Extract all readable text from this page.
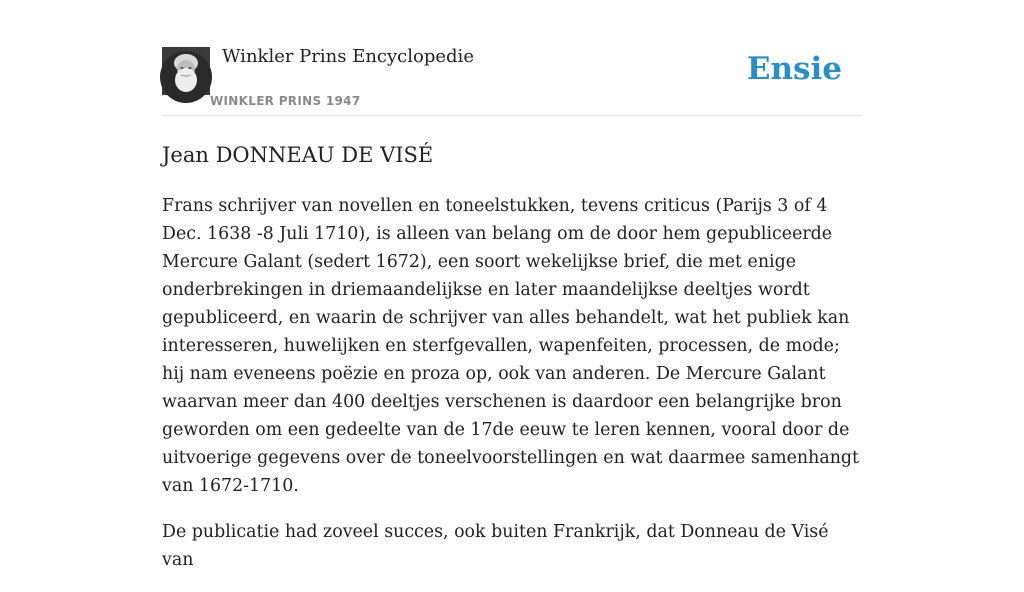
Winkler Prins Encyclopedie
WINKLER PRINS 1947
Ensie
Jean DONNEAU DE VISÉ

Frans schrijver van novellen en toneelstukken, tevens criticus (Parijs 3 of 4 Dec. 1638 -8 Juli 1710), is alleen van belang om de door hem gepubliceerde Mercure Galant (sedert 1672), een soort wekelijkse brief, die met enige onderbrekingen in driemaandelijkse en later maandelijkse deeltjes wordt gepubliceerd, en waarin de schrijver van alles behandelt, wat het publiek kan interesseren, huwelijken en sterfgevallen, wapenfeiten, processen, de mode; hij nam eveneens poëzie en proza op, ook van anderen. De Mercure Galant waarvan meer dan 400 deeltjes verschenen is daardoor een belangrijke bron geworden om een gedeelte van de 17de eeuw te leren kennen, vooral door de uitvoerige gegevens over de toneelvoorstellingen en wat daarmee samenhangt van 1672-1710.

De publicatie had zoveel succes, ook buiten Frankrijk, dat Donneau de Visé van
